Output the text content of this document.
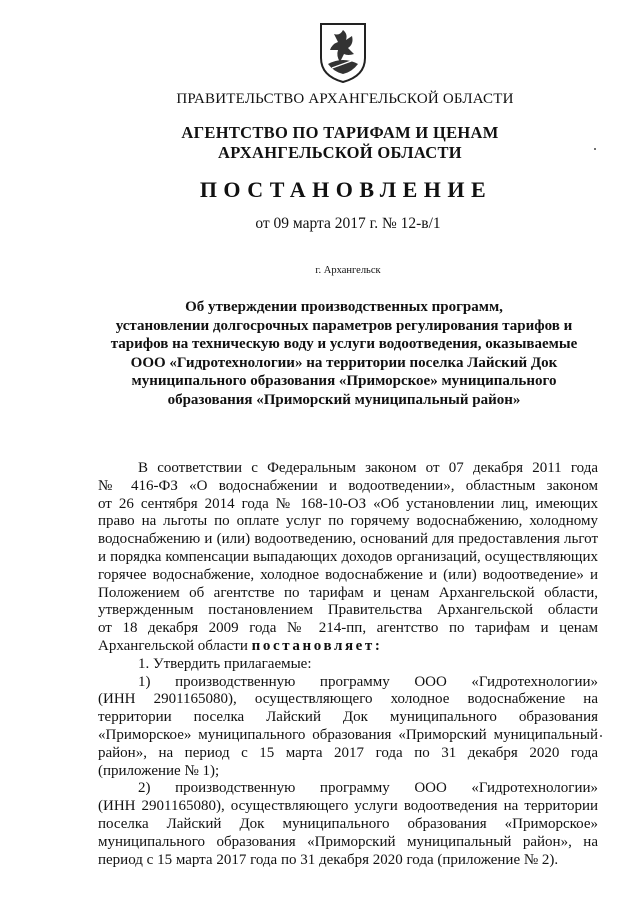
ПРАВИТЕЛЬСТВО АРХАНГЕЛЬСКОЙ ОБЛАСТИ
АГЕНТСТВО ПО ТАРИФАМ И ЦЕНАМ
АРХАНГЕЛЬСКОЙ ОБЛАСТИ
ПОСТАНОВЛЕНИЕ
от 09 марта 2017 г. № 12-в/1
г. Архангельск
Об утверждении производственных программ,
установлении долгосрочных параметров регулирования тарифов и
тарифов на техническую воду и услуги водоотведения, оказываемые
ООО «Гидротехнологии» на территории поселка Лайский Док
муниципального образования «Приморское» муниципального
образования «Приморский муниципальный район»
В соответствии с Федеральным законом от 07 декабря 2011 года
№ 416-ФЗ «О водоснабжении и водоотведении», областным законом
от 26 сентября 2014 года № 168-10-ОЗ «Об установлении лиц, имеющих
право на льготы по оплате услуг по горячему водоснабжению, холодному
водоснабжению и (или) водоотведению, оснований для предоставления льгот
и порядка компенсации выпадающих доходов организаций, осуществляющих
горячее водоснабжение, холодное водоснабжение и (или) водоотведение» и
Положением об агентстве по тарифам и ценам Архангельской области,
утвержденным постановлением Правительства Архангельской области
от 18 декабря 2009 года № 214-пп, агентство по тарифам и ценам
Архангельской области постановляет:
1. Утвердить прилагаемые:
1) производственную программу ООО «Гидротехнологии»
(ИНН 2901165080), осуществляющего холодное водоснабжение на
территории поселка Лайский Док муниципального образования
«Приморское» муниципального образования «Приморский муниципальный
район», на период с 15 марта 2017 года по 31 декабря 2020 года
(приложение № 1);
2) производственную программу ООО «Гидротехнологии»
(ИНН 2901165080), осуществляющего услуги водоотведения на территории
поселка Лайский Док муниципального образования «Приморское»
муниципального образования «Приморский муниципальный район», на
период с 15 марта 2017 года по 31 декабря 2020 года (приложение № 2).
